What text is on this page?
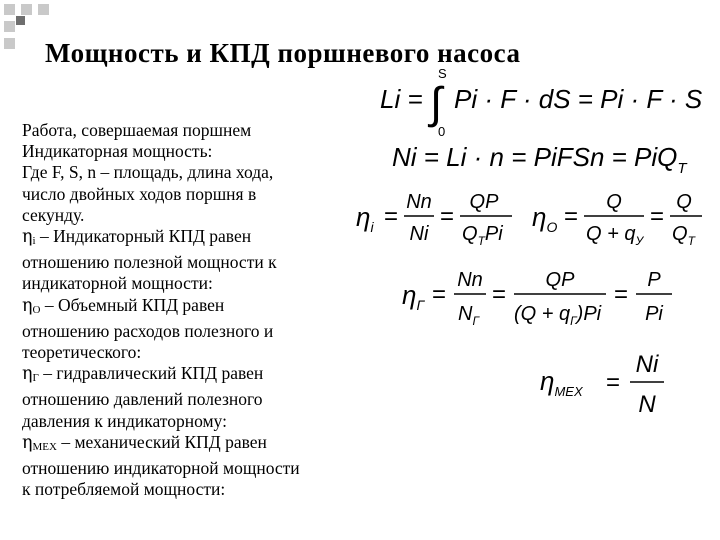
Мощность и КПД поршневого насоса
Работа, совершаемая поршнем
Индикаторная мощность:
Где F, S, n – площадь, длина хода,
число двойных ходов поршня в
секунду.
$\eta_i$ – Индикаторный КПД равен
отношению полезной мощности к
индикаторной мощности:
$\eta_O$ – Объемный КПД равен
отношению расходов полезного и
теоретического:
$\eta_Г$ – гидравлический КПД равен
отношению давлений полезного
давления к индикаторному:
$\eta_{МЕХ}$ – механический КПД равен
отношению индикаторной мощности
к потребляемой мощности:
Li =
S
∫
0
Pi · F · dS = Pi · F · S
Ni = Li · n = PiFSn = PiQ$_T$
$\eta_i$ =
Nn
Ni
=
QP
$Q_TPi$
$\eta_O$ =
Q
$Q + q_У$
=
Q
$Q_T$
$\eta_Г$ =
Nn
$N_Г$
=
QP
$(Q + q_Г)Pi$
=
P
Pi
$\eta_{МЕХ}$ =
Ni
N
